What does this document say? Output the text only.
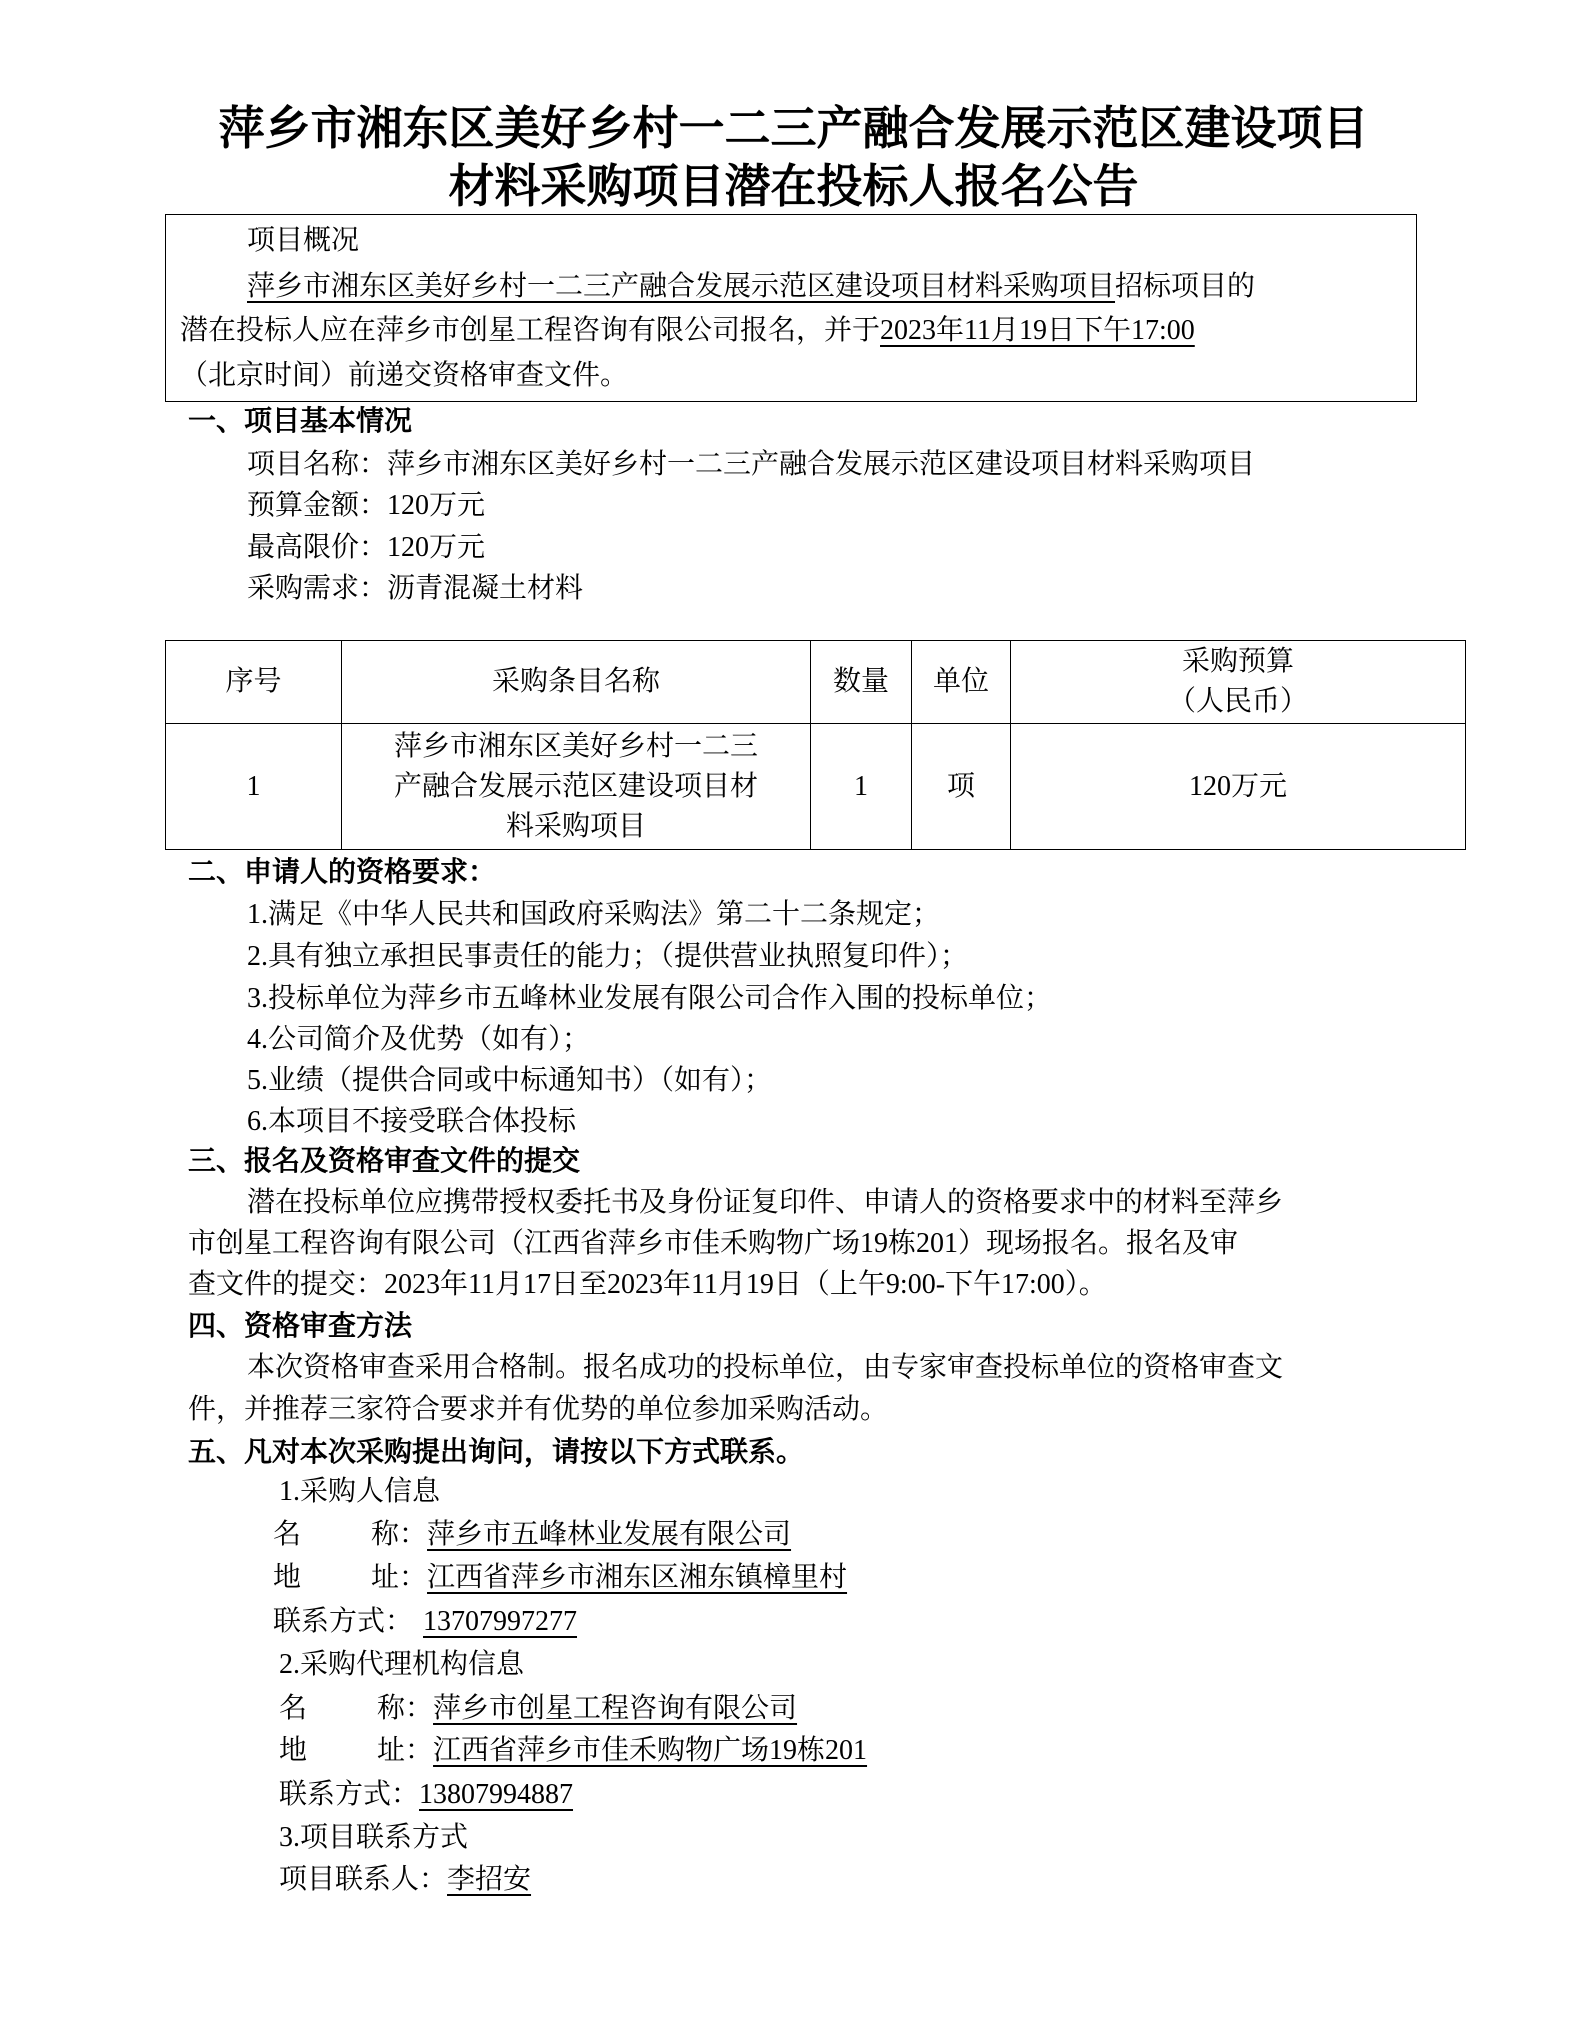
萍乡市湘东区美好乡村一二三产融合发展示范区建设项目
材料采购项目潜在投标人报名公告
项目概况
萍乡市湘东区美好乡村一二三产融合发展示范区建设项目材料采购项目招标项目的
潜在投标人应在萍乡市创星工程咨询有限公司报名，并于2023年11月19日下午17:00
（北京时间）前递交资格审查文件。
一、项目基本情况
项目名称：萍乡市湘东区美好乡村一二三产融合发展示范区建设项目材料采购项目
预算金额：120万元
最高限价：120万元
采购需求：沥青混凝土材料
序号	采购条目名称	数量	单位	采购预算
（人民币）

1	萍乡市湘东区美好乡村一二三
产融合发展示范区建设项目材
料采购项目	1	项	120万元
二、申请人的资格要求：
1.满足《中华人民共和国政府采购法》第二十二条规定；
2.具有独立承担民事责任的能力；（提供营业执照复印件）；
3.投标单位为萍乡市五峰林业发展有限公司合作入围的投标单位；
4.公司简介及优势（如有）；
5.业绩（提供合同或中标通知书）（如有）；
6.本项目不接受联合体投标
三、报名及资格审查文件的提交
潜在投标单位应携带授权委托书及身份证复印件、申请人的资格要求中的材料至萍乡
市创星工程咨询有限公司（江西省萍乡市佳禾购物广场19栋201）现场报名。报名及审
查文件的提交：2023年11月17日至2023年11月19日（上午9:00-下午17:00）。
四、资格审查方法
本次资格审查采用合格制。报名成功的投标单位，由专家审查投标单位的资格审查文
件，并推荐三家符合要求并有优势的单位参加采购活动。
五、凡对本次采购提出询问，请按以下方式联系。
1.采购人信息
名	称：萍乡市五峰林业发展有限公司
地	址：江西省萍乡市湘东区湘东镇樟里村
联系方式： 13707997277
2.采购代理机构信息
名	称：萍乡市创星工程咨询有限公司
地	址：江西省萍乡市佳禾购物广场19栋201
联系方式：13807994887
3.项目联系方式
项目联系人：李招安
